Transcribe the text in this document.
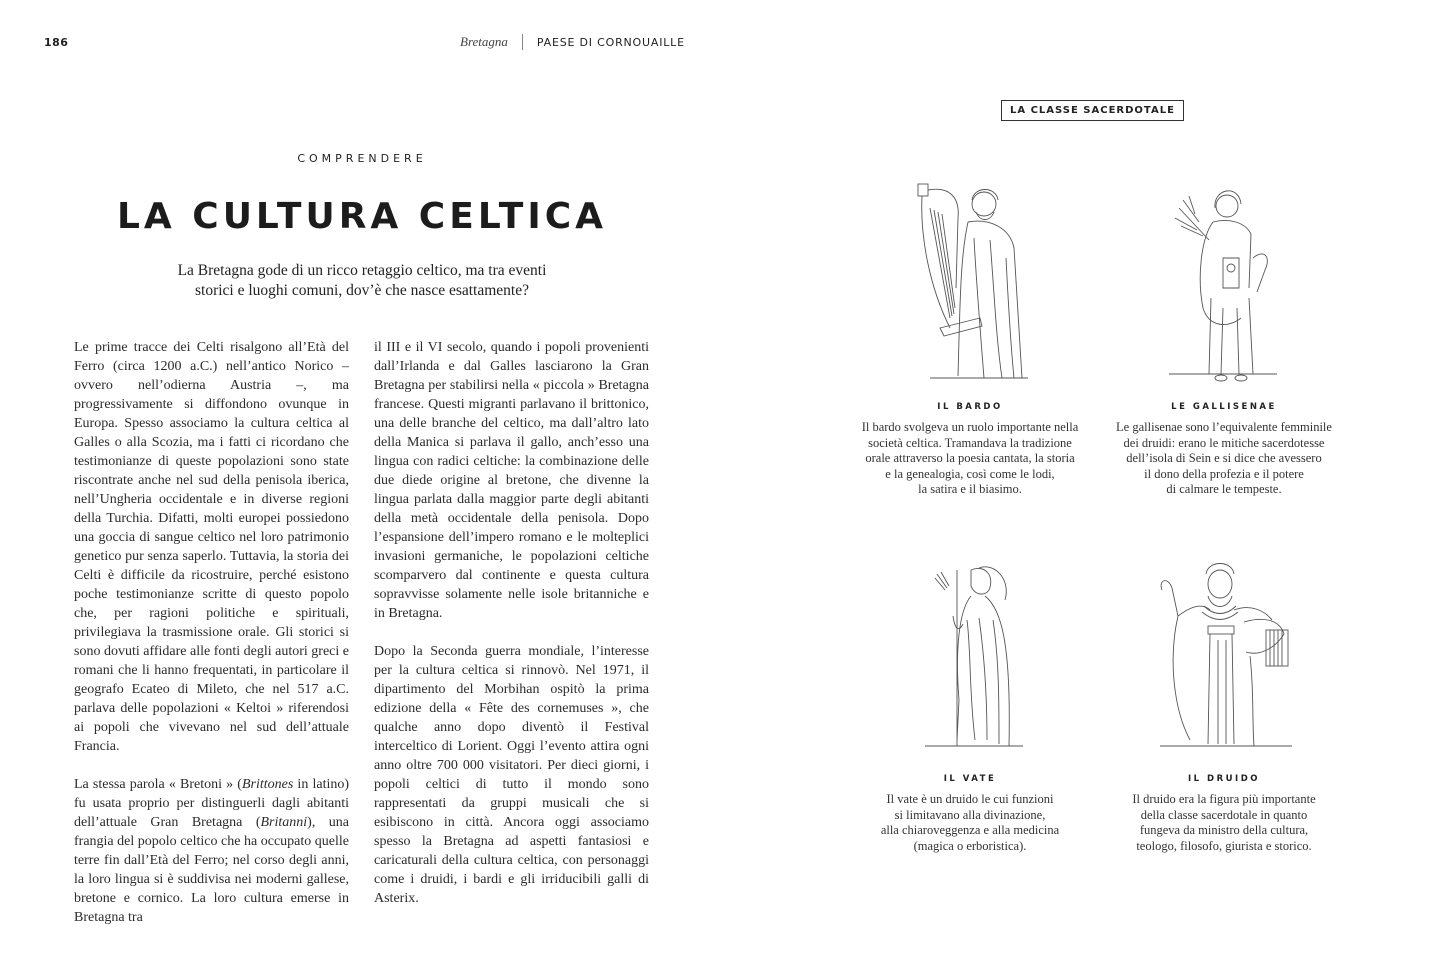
186	Bretagna	PAESE DI CORNOUAILLE
COMPRENDERE
LA CULTURA CELTICA
La Bretagna gode di un ricco retaggio celtico, ma tra eventi storici e luoghi comuni, dov’è che nasce esattamente?

Le prime tracce dei Celti risalgono all’Età del Ferro (circa 1200 a.C.) nell’antico Norico – ovvero nell’odierna Austria –, ma progressivamente si diffondono ovunque in Europa. Spesso associamo la cultura celtica al Galles o alla Scozia, ma i fatti ci ricordano che testimonianze di queste popolazioni sono state riscontrate anche nel sud della penisola iberica, nell’Ungheria occidentale e in diverse regioni della Turchia. Difatti, molti europei possiedono una goccia di sangue celtico nel loro patrimonio genetico pur senza saperlo. Tuttavia, la storia dei Celti è difficile da ricostruire, perché esistono poche testimonianze scritte di questo popolo che, per ragioni politiche e spirituali, privilegiava la trasmissione orale. Gli storici si sono dovuti affidare alle fonti degli autori greci e romani che li hanno frequentati, in particolare il geografo Ecateo di Mileto, che nel 517 a.C. parlava delle popolazioni « Keltoi » riferendosi ai popoli che vivevano nel sud dell’attuale Francia.

La stessa parola « Bretoni » (Brittones in latino) fu usata proprio per distinguerli dagli abitanti dell’attuale Gran Bretagna (Britanni), una frangia del popolo celtico che ha occupato quelle terre fin dall’Età del Ferro; nel corso degli anni, la loro lingua si è suddivisa nei moderni gallese, bretone e cornico. La loro cultura emerse in Bretagna tra

il III e il VI secolo, quando i popoli provenienti dall’Irlanda e dal Galles lasciarono la Gran Bretagna per stabilirsi nella « piccola » Bretagna francese. Questi migranti parlavano il brittonico, una delle branche del celtico, ma dall’altro lato della Manica si parlava il gallo, anch’esso una lingua con radici celtiche: la combinazione delle due diede origine al bretone, che divenne la lingua parlata dalla maggior parte degli abitanti della metà occidentale della penisola. Dopo l’espansione dell’impero romano e le molteplici invasioni germaniche, le popolazioni celtiche scomparvero dal continente e questa cultura sopravvisse solamente nelle isole britanniche e in Bretagna.

Dopo la Seconda guerra mondiale, l’interesse per la cultura celtica si rinnovò. Nel 1971, il dipartimento del Morbihan ospitò la prima edizione della « Fête des cornemuses », che qualche anno dopo diventò il Festival interceltico di Lorient. Oggi l’evento attira ogni anno oltre 700 000 visitatori. Per dieci giorni, i popoli celtici di tutto il mondo sono rappresentati da gruppi musicali che si esibiscono in città. Ancora oggi associamo spesso la Bretagna ad aspetti fantasiosi e caricaturali della cultura celtica, con personaggi come i druidi, i bardi e gli irriducibili galli di Asterix.

LA CLASSE SACERDOTALE
IL BARDO
Il bardo svolgeva un ruolo importante nella
società celtica. Tramandava la tradizione
orale attraverso la poesia cantata, la storia
e la genealogia, così come le lodi,
la satira e il biasimo.
LE GALLISENAE
Le gallisenae sono l’equivalente femminile
dei druidi: erano le mitiche sacerdotesse
dell’isola di Sein e si dice che avessero
il dono della profezia e il potere
di calmare le tempeste.
IL VATE
Il vate è un druido le cui funzioni
si limitavano alla divinazione,
alla chiaroveggenza e alla medicina
(magica o erboristica).
IL DRUIDO
Il druido era la figura più importante
della classe sacerdotale in quanto
fungeva da ministro della cultura,
teologo, filosofo, giurista e storico.
